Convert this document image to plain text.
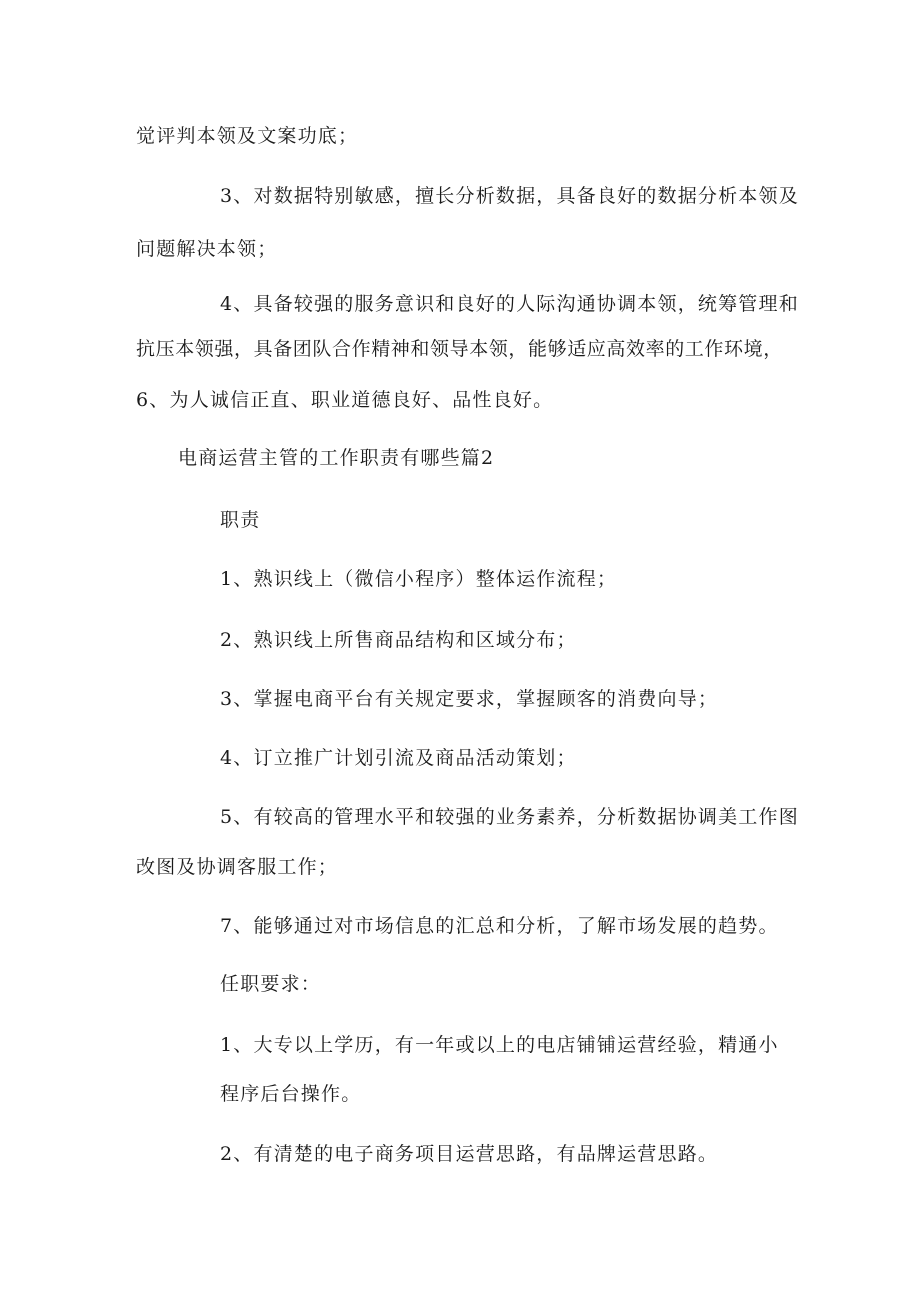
觉评判本领及文案功底；
3、对数据特别敏感，擅长分析数据，具备良好的数据分析本领及
问题解决本领；
4、具备较强的服务意识和良好的人际沟通协调本领，统筹管理和
抗压本领强，具备团队合作精神和领导本领，能够适应高效率的工作环境，
6、为人诚信正直、职业道德良好、品性良好。
电商运营主管的工作职责有哪些篇2
职责
1、熟识线上（微信小程序）整体运作流程；
2、熟识线上所售商品结构和区域分布；
3、掌握电商平台有关规定要求，掌握顾客的消费向导；
4、订立推广计划引流及商品活动策划；
5、有较高的管理水平和较强的业务素养，分析数据协调美工作图
改图及协调客服工作；
7、能够通过对市场信息的汇总和分析，了解市场发展的趋势。
任职要求：
1、大专以上学历，有一年或以上的电店铺铺运营经验，精通小
程序后台操作。
2、有清楚的电子商务项目运营思路，有品牌运营思路。
